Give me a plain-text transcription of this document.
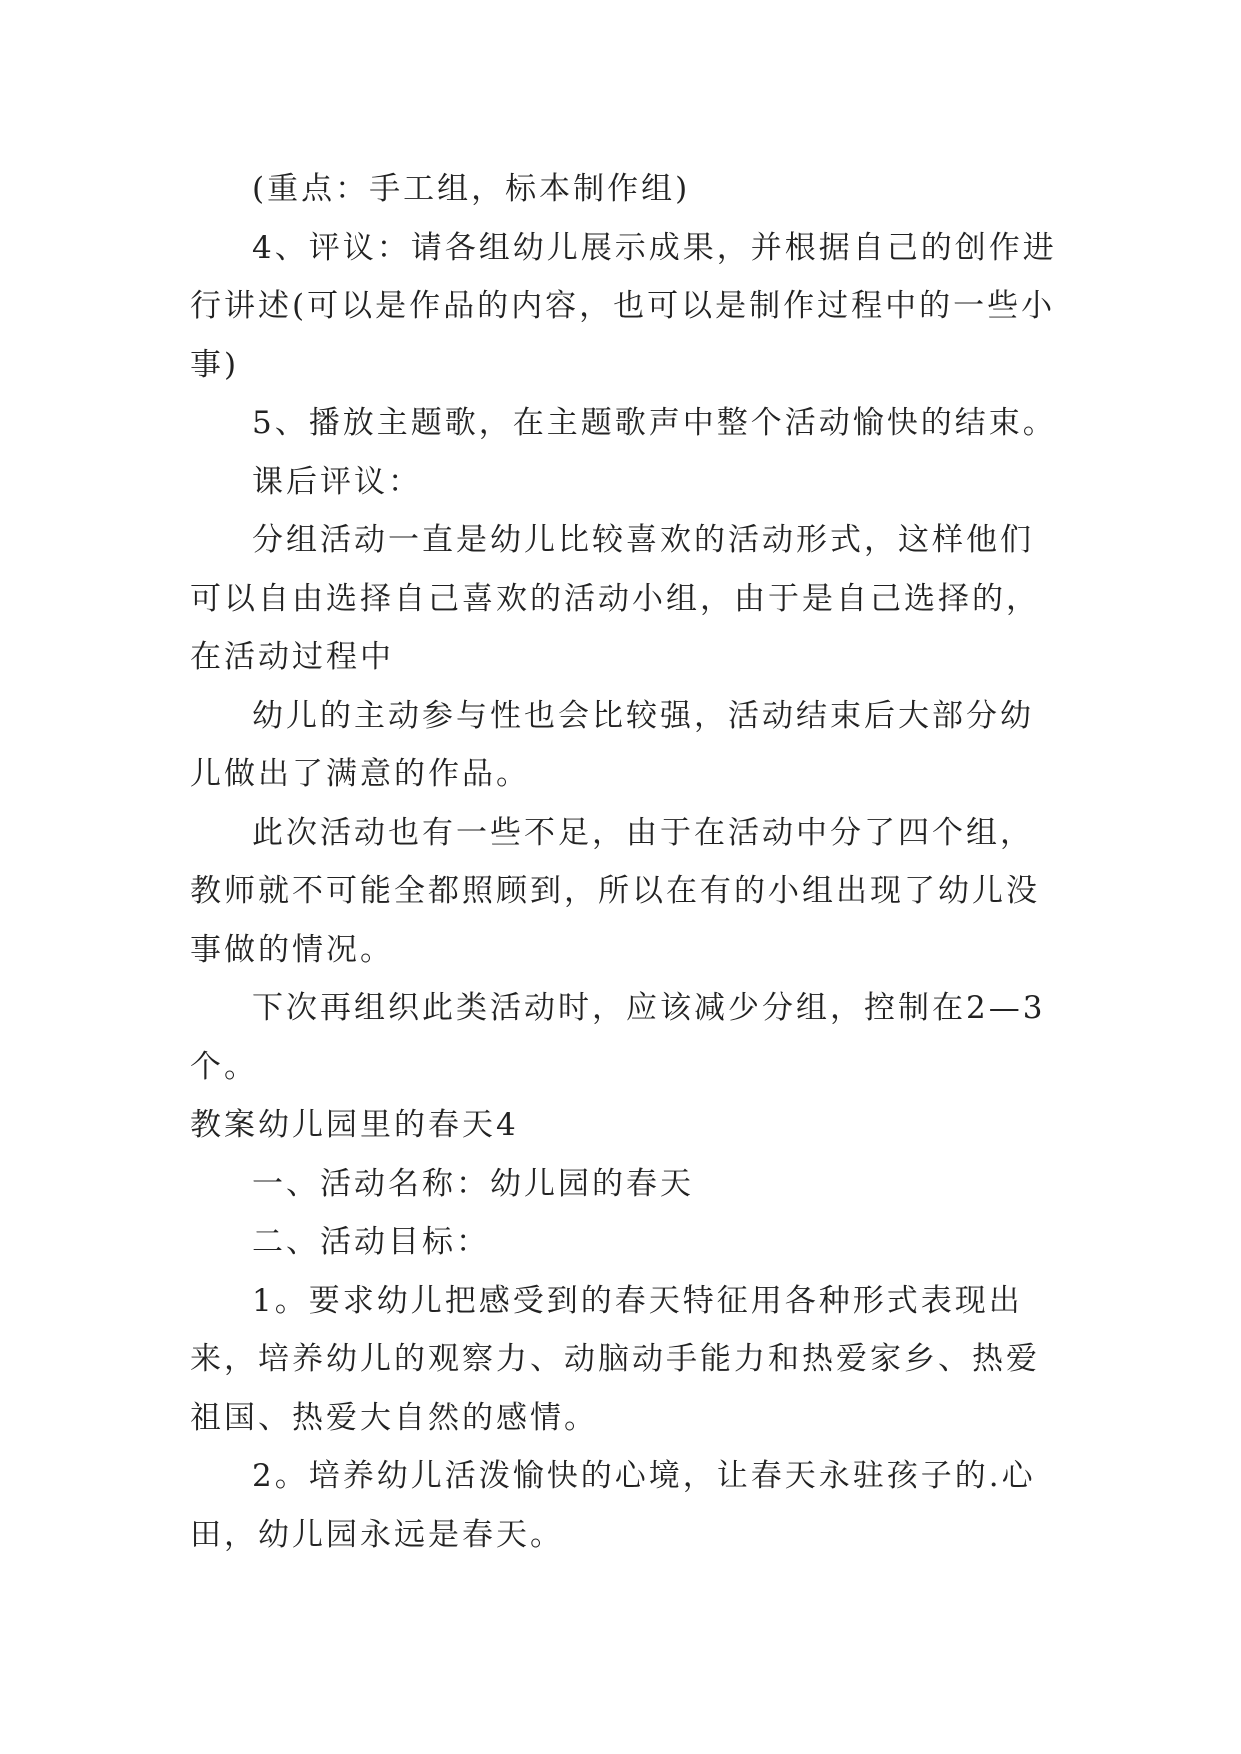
(重点：手工组，标本制作组)

4、评议：请各组幼儿展示成果，并根据自己的创作进行讲述(可以是作品的内容，也可以是制作过程中的一些小事)

5、播放主题歌，在主题歌声中整个活动愉快的结束。

课后评议：

分组活动一直是幼儿比较喜欢的活动形式，这样他们可以自由选择自己喜欢的活动小组，由于是自己选择的，在活动过程中

幼儿的主动参与性也会比较强，活动结束后大部分幼儿做出了满意的作品。

此次活动也有一些不足，由于在活动中分了四个组，教师就不可能全都照顾到，所以在有的小组出现了幼儿没事做的情况。

下次再组织此类活动时，应该减少分组，控制在2—3个。

教案幼儿园里的春天4

一、活动名称：幼儿园的春天

二、活动目标：

1。要求幼儿把感受到的春天特征用各种形式表现出来，培养幼儿的观察力、动脑动手能力和热爱家乡、热爱祖国、热爱大自然的感情。

2。培养幼儿活泼愉快的心境，让春天永驻孩子的.心田，幼儿园永远是春天。
